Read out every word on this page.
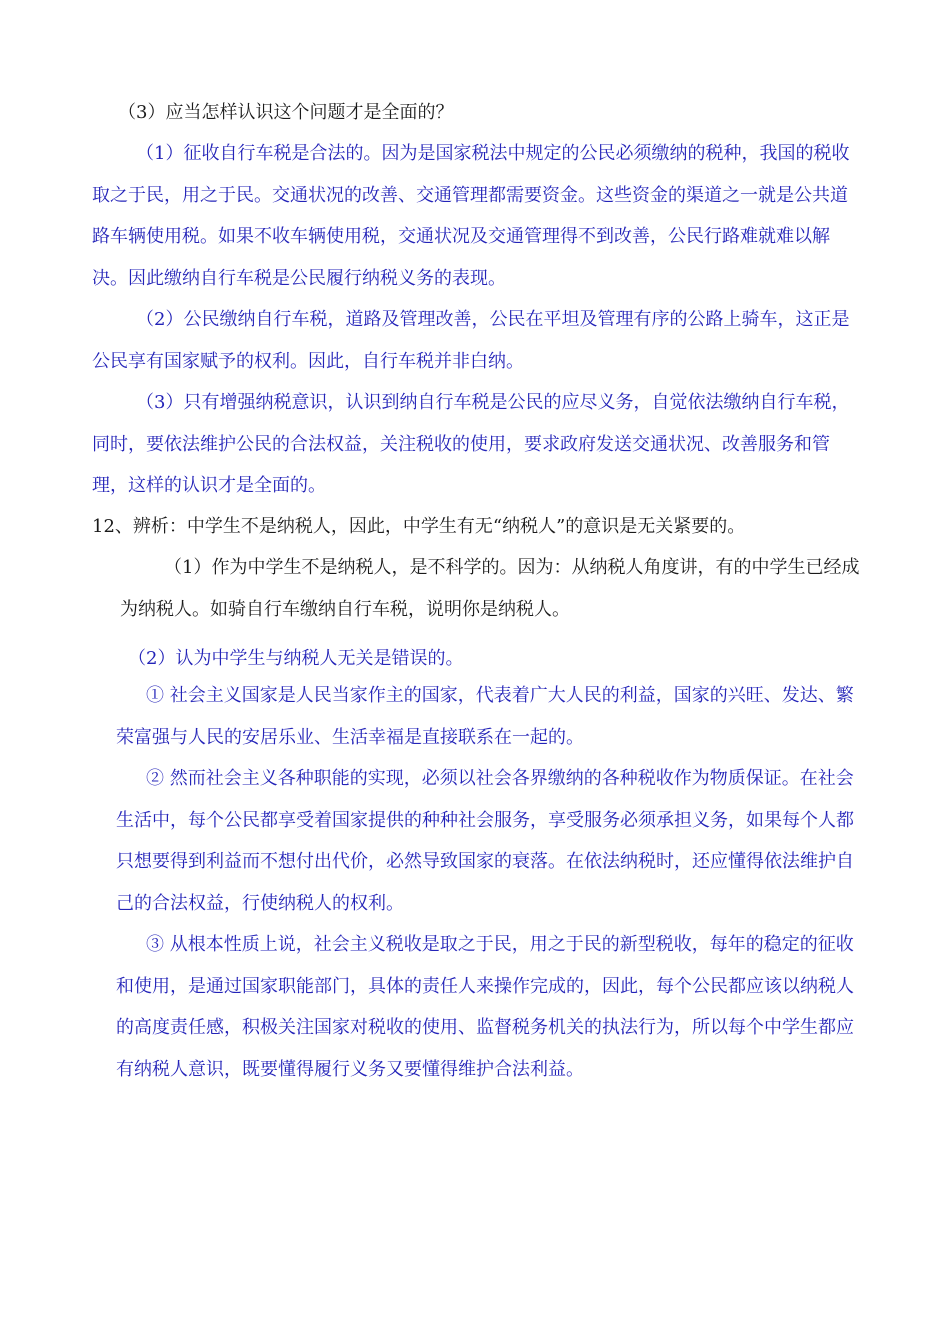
（3）应当怎样认识这个问题才是全面的？

（1）征收自行车税是合法的。因为是国家税法中规定的公民必须缴纳的税种，我国的税收取之于民，用之于民。交通状况的改善、交通管理都需要资金。这些资金的渠道之一就是公共道路车辆使用税。如果不收车辆使用税，交通状况及交通管理得不到改善，公民行路难就难以解决。因此缴纳自行车税是公民履行纳税义务的表现。

（2）公民缴纳自行车税，道路及管理改善，公民在平坦及管理有序的公路上骑车，这正是公民享有国家赋予的权利。因此，自行车税并非白纳。

（3）只有增强纳税意识，认识到纳自行车税是公民的应尽义务，自觉依法缴纳自行车税，同时，要依法维护公民的合法权益，关注税收的使用，要求政府发送交通状况、改善服务和管理，这样的认识才是全面的。

12、辨析：中学生不是纳税人，因此，中学生有无“纳税人”的意识是无关紧要的。

（1）作为中学生不是纳税人，是不科学的。因为：从纳税人角度讲，有的中学生已经成为纳税人。如骑自行车缴纳自行车税，说明你是纳税人。

（2）认为中学生与纳税人无关是错误的。

① 社会主义国家是人民当家作主的国家，代表着广大人民的利益，国家的兴旺、发达、繁荣富强与人民的安居乐业、生活幸福是直接联系在一起的。

② 然而社会主义各种职能的实现，必须以社会各界缴纳的各种税收作为物质保证。在社会生活中，每个公民都享受着国家提供的种种社会服务，享受服务必须承担义务，如果每个人都只想要得到利益而不想付出代价，必然导致国家的衰落。在依法纳税时，还应懂得依法维护自己的合法权益，行使纳税人的权利。

③ 从根本性质上说，社会主义税收是取之于民，用之于民的新型税收，每年的稳定的征收和使用，是通过国家职能部门，具体的责任人来操作完成的，因此，每个公民都应该以纳税人的高度责任感，积极关注国家对税收的使用、监督税务机关的执法行为，所以每个中学生都应有纳税人意识，既要懂得履行义务又要懂得维护合法利益。
